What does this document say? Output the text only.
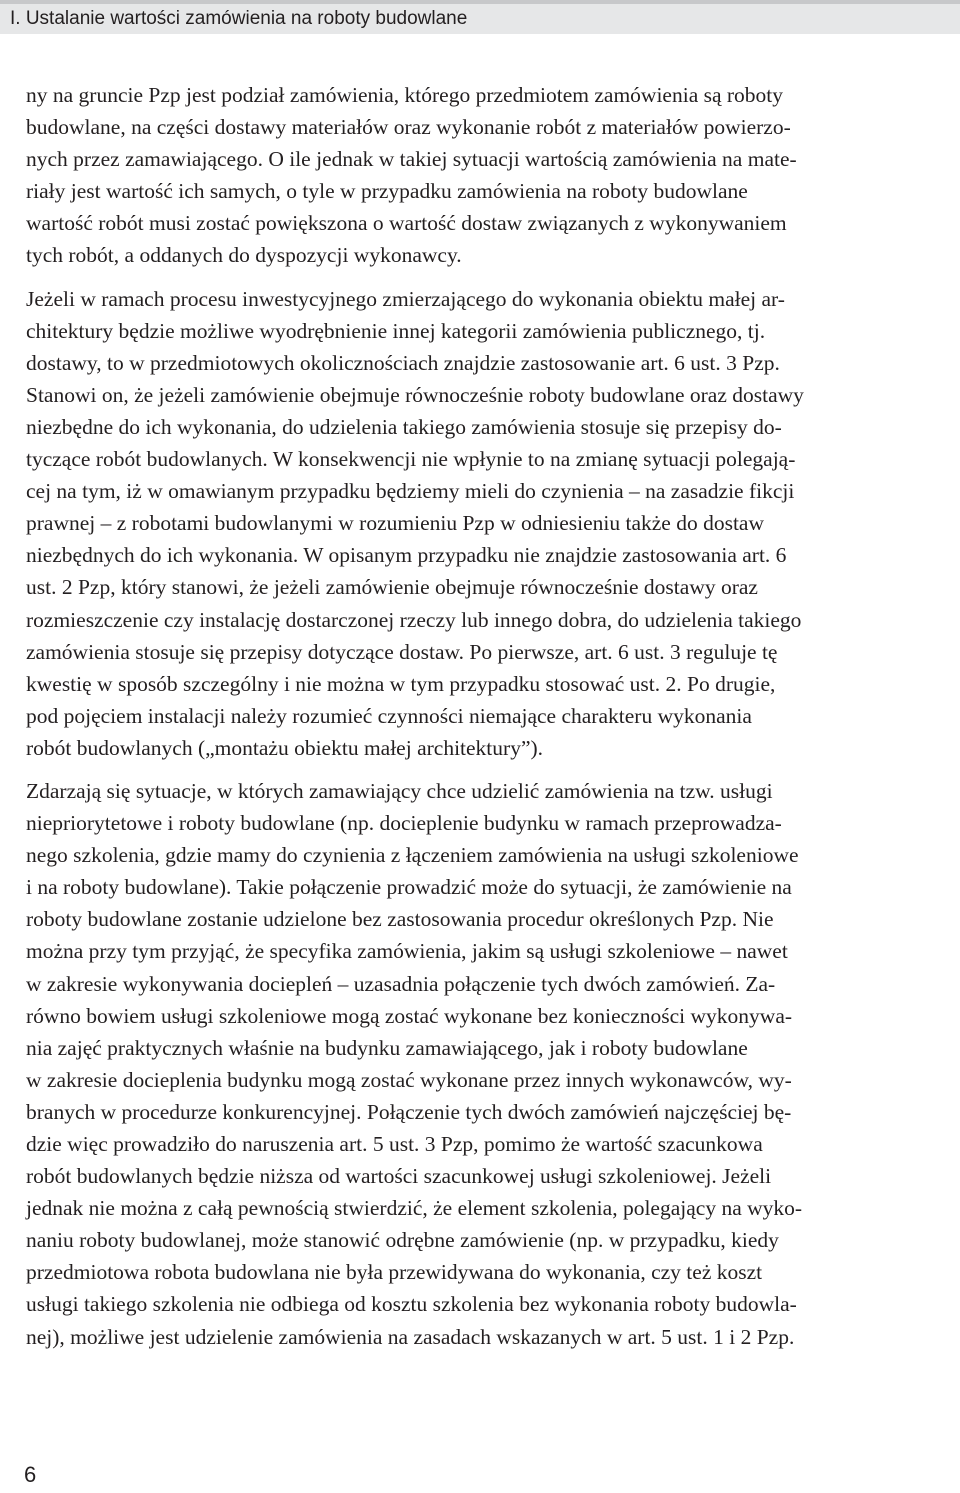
I. Ustalanie wartości zamówienia na roboty budowlane

ny na gruncie Pzp jest podział zamówienia, którego przedmiotem zamówienia są roboty
budowlane, na części dostawy materiałów oraz wykonanie robót z materiałów powierzo-
nych przez zamawiającego. O ile jednak w takiej sytuacji wartością zamówienia na mate-
riały jest wartość ich samych, o tyle w przypadku zamówienia na roboty budowlane
wartość robót musi zostać powiększona o wartość dostaw związanych z wykonywaniem
tych robót, a oddanych do dyspozycji wykonawcy.

Jeżeli w ramach procesu inwestycyjnego zmierzającego do wykonania obiektu małej ar-
chitektury będzie możliwe wyodrębnienie innej kategorii zamówienia publicznego, tj.
dostawy, to w przedmiotowych okolicznościach znajdzie zastosowanie art. 6 ust. 3 Pzp.
Stanowi on, że jeżeli zamówienie obejmuje równocześnie roboty budowlane oraz dostawy
niezbędne do ich wykonania, do udzielenia takiego zamówienia stosuje się przepisy do-
tyczące robót budowlanych. W konsekwencji nie wpłynie to na zmianę sytuacji polegają-
cej na tym, iż w omawianym przypadku będziemy mieli do czynienia – na zasadzie fikcji
prawnej – z robotami budowlanymi w rozumieniu Pzp w odniesieniu także do dostaw
niezbędnych do ich wykonania. W opisanym przypadku nie znajdzie zastosowania art. 6
ust. 2 Pzp, który stanowi, że jeżeli zamówienie obejmuje równocześnie dostawy oraz
rozmieszczenie czy instalację dostarczonej rzeczy lub innego dobra, do udzielenia takiego
zamówienia stosuje się przepisy dotyczące dostaw. Po pierwsze, art. 6 ust. 3 reguluje tę
kwestię w sposób szczególny i nie można w tym przypadku stosować ust. 2. Po drugie,
pod pojęciem instalacji należy rozumieć czynności niemające charakteru wykonania
robót budowlanych („montażu obiektu małej architektury”).

Zdarzają się sytuacje, w których zamawiający chce udzielić zamówienia na tzw. usługi
niepriorytetowe i roboty budowlane (np. docieplenie budynku w ramach przeprowadza-
nego szkolenia, gdzie mamy do czynienia z łączeniem zamówienia na usługi szkoleniowe
i na roboty budowlane). Takie połączenie prowadzić może do sytuacji, że zamówienie na
roboty budowlane zostanie udzielone bez zastosowania procedur określonych Pzp. Nie
można przy tym przyjąć, że specyfika zamówienia, jakim są usługi szkoleniowe – nawet
w zakresie wykonywania dociepleń – uzasadnia połączenie tych dwóch zamówień. Za-
równo bowiem usługi szkoleniowe mogą zostać wykonane bez konieczności wykonywa-
nia zajęć praktycznych właśnie na budynku zamawiającego, jak i roboty budowlane
w zakresie docieplenia budynku mogą zostać wykonane przez innych wykonawców, wy-
branych w procedurze konkurencyjnej. Połączenie tych dwóch zamówień najczęściej bę-
dzie więc prowadziło do naruszenia art. 5 ust. 3 Pzp, pomimo że wartość szacunkowa
robót budowlanych będzie niższa od wartości szacunkowej usługi szkoleniowej. Jeżeli
jednak nie można z całą pewnością stwierdzić, że element szkolenia, polegający na wyko-
naniu roboty budowlanej, może stanowić odrębne zamówienie (np. w przypadku, kiedy
przedmiotowa robota budowlana nie była przewidywana do wykonania, czy też koszt
usługi takiego szkolenia nie odbiega od kosztu szkolenia bez wykonania roboty budowla-
nej), możliwe jest udzielenie zamówienia na zasadach wskazanych w art. 5 ust. 1 i 2 Pzp.

6
